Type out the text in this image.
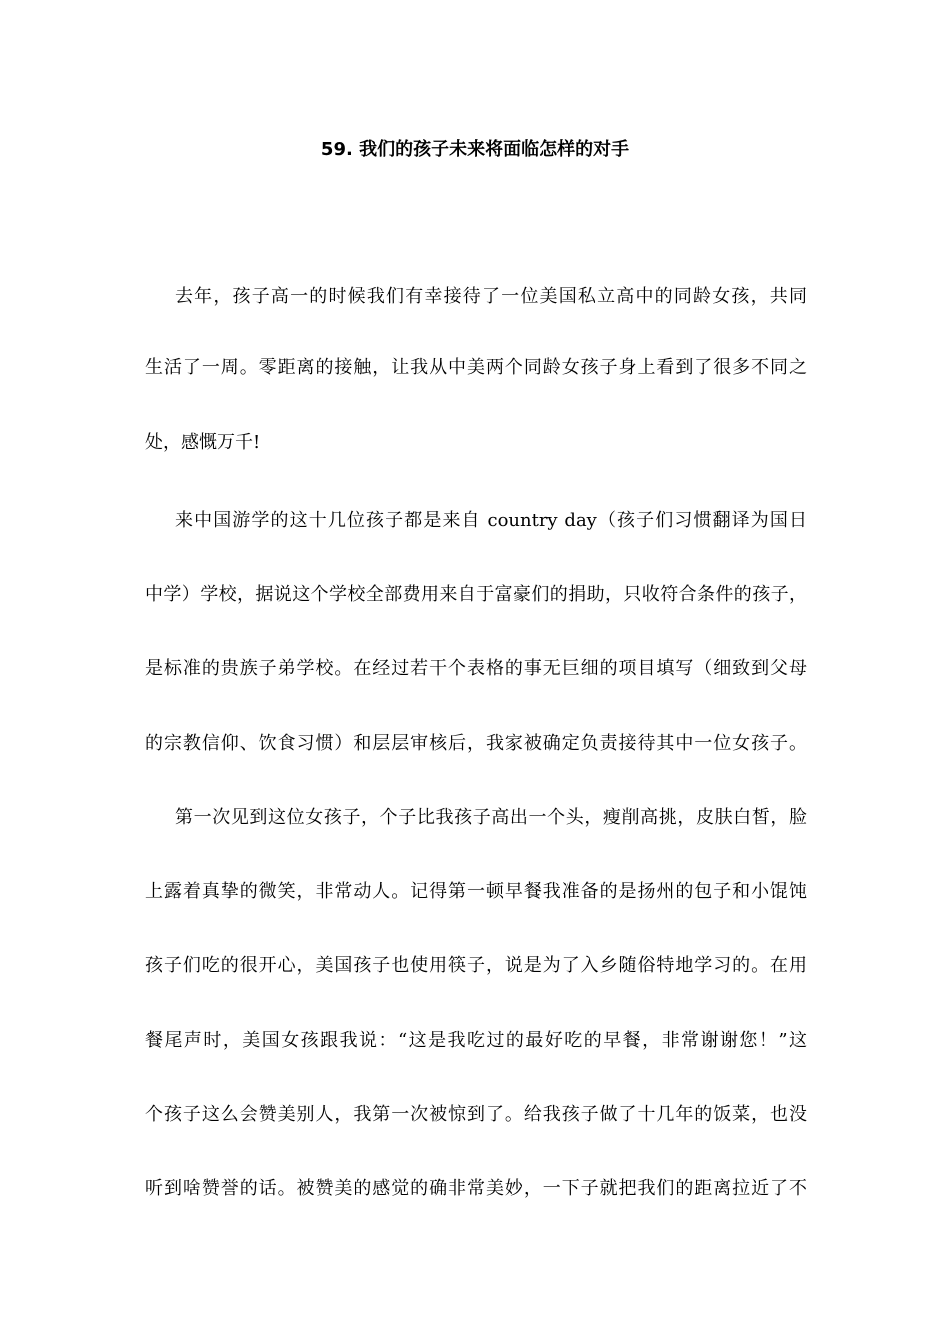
59. 我们的孩子未来将面临怎样的对手
去年，孩子高一的时候我们有幸接待了一位美国私立高中的同龄女孩，共同
生活了一周。零距离的接触，让我从中美两个同龄女孩子身上看到了很多不同之
处，感慨万千!
来中国游学的这十几位孩子都是来自 country day（孩子们习惯翻译为国日
中学）学校，据说这个学校全部费用来自于富豪们的捐助，只收符合条件的孩子，
是标准的贵族子弟学校。在经过若干个表格的事无巨细的项目填写（细致到父母
的宗教信仰、饮食习惯）和层层审核后，我家被确定负责接待其中一位女孩子。
第一次见到这位女孩子，个子比我孩子高出一个头，瘦削高挑，皮肤白皙，脸
上露着真挚的微笑，非常动人。记得第一顿早餐我准备的是扬州的包子和小馄饨
孩子们吃的很开心，美国孩子也使用筷子，说是为了入乡随俗特地学习的。在用
餐尾声时，美国女孩跟我说：“这是我吃过的最好吃的早餐，非常谢谢您！”这
个孩子这么会赞美别人，我第一次被惊到了。给我孩子做了十几年的饭菜，也没
听到啥赞誉的话。被赞美的感觉的确非常美妙，一下子就把我们的距离拉近了不
